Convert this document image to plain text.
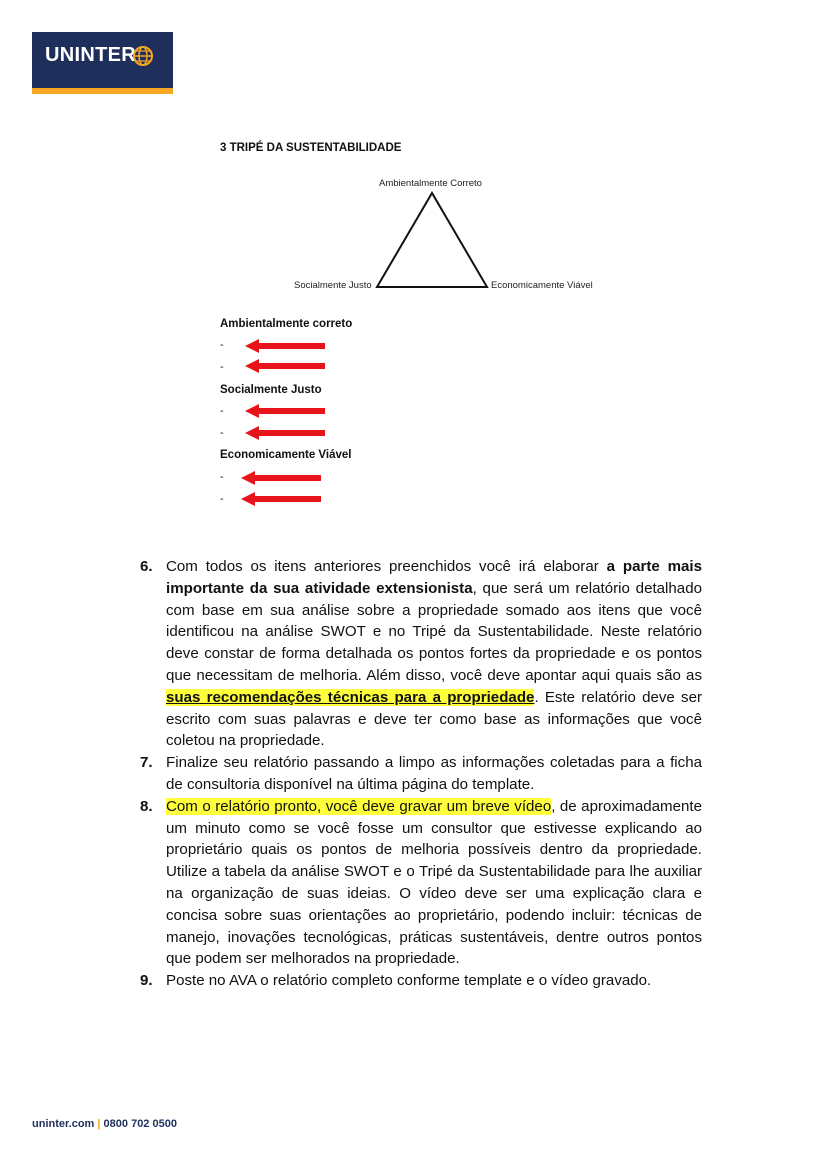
UNINTER
3 TRIPÉ DA SUSTENTABILIDADE
Ambientalmente Correto
Socialmente Justo	Economicamente Viável
Ambientalmente correto
-
-
Socialmente Justo
-
-
Economicamente Viável
-
-

6. Com todos os itens anteriores preenchidos você irá elaborar a parte mais importante da sua atividade extensionista, que será um relatório detalhado com base em sua análise sobre a propriedade somado aos itens que você identificou na análise SWOT e no Tripé da Sustentabilidade. Neste relatório deve constar de forma detalhada os pontos fortes da propriedade e os pontos que necessitam de melhoria. Além disso, você deve apontar aqui quais são as suas recomendações técnicas para a propriedade. Este relatório deve ser escrito com suas palavras e deve ter como base as informações que você coletou na propriedade.

7. Finalize seu relatório passando a limpo as informações coletadas para a ficha de consultoria disponível na última página do template.

8. Com o relatório pronto, você deve gravar um breve vídeo, de aproximadamente um minuto como se você fosse um consultor que estivesse explicando ao proprietário quais os pontos de melhoria possíveis dentro da propriedade. Utilize a tabela da análise SWOT e o Tripé da Sustentabilidade para lhe auxiliar na organização de suas ideias. O vídeo deve ser uma explicação clara e concisa sobre suas orientações ao proprietário, podendo incluir: técnicas de manejo, inovações tecnológicas, práticas sustentáveis, dentre outros pontos que podem ser melhorados na propriedade.

9. Poste no AVA o relatório completo conforme template e o vídeo gravado.

uninter.com | 0800 702 0500
